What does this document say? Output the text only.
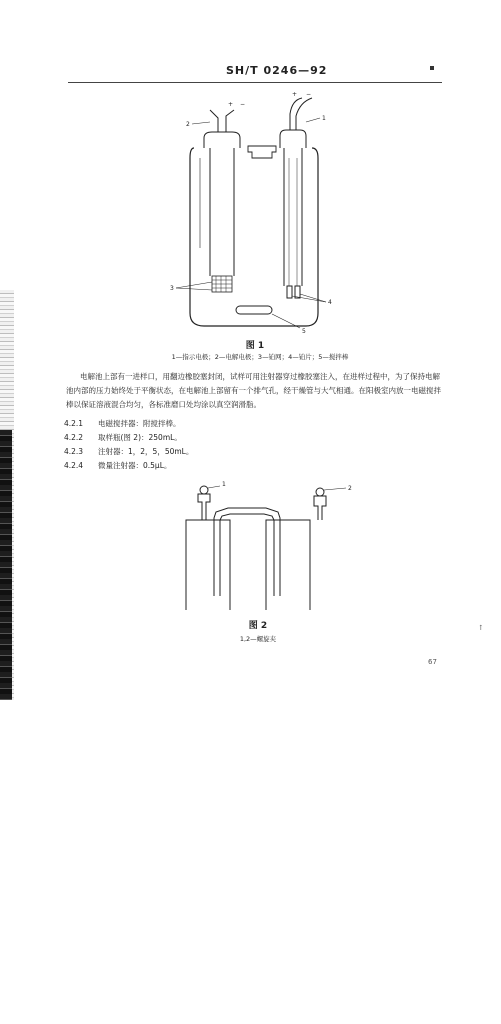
SH/T 0246—92
+ −
+ −
2
1
3
4
5
图 1
1—指示电极；2—电解电极；3—铂网；4—铂片；5—搅拌棒
电解池上部有一进样口，用翻边橡胶塞封闭，试样可用注射器穿过橡胶塞注入，在进样过程中，为了保持电解池内部的压力始终处于平衡状态，在电解池上部留有一个排气孔，经干燥管与大气相通。在阳极室内放一电磁搅拌棒以保证溶液混合均匀，各标准磨口处均涂以真空润滑脂。
4.2.1 电磁搅拌器：附搅拌棒。
4.2.2 取样瓶(图 2)：250mL。
4.2.3 注射器：1，2，5，50mL。
4.2.4 微量注射器：0.5μL。
1
2
图 2
1,2—螺旋夹
↑
67
